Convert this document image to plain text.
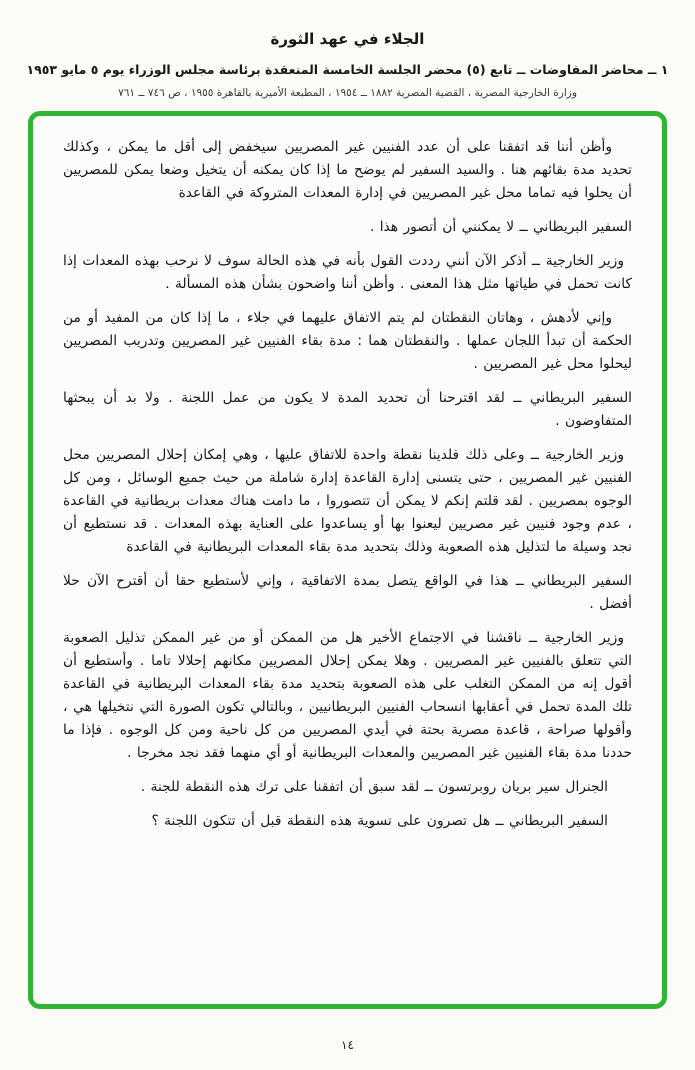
الجلاء في عهد الثورة
١ ــ محاضر المفاوضات ــ تابع (٥) محضر الجلسة الخامسة المنعقدة برئاسة مجلس الوزراء يوم ٥ مايو ١٩٥٣
وزارة الخارجية المصرية ، القضية المصرية ١٨٨٢ ــ ١٩٥٤ ، المطبعة الأميرية بالقاهرة ١٩٥٥ ، ص ٧٤٦ ــ ٧٦١

وأظن أننا قد اتفقنا على أن عدد الفنيين غير المصريين سيخفض إلى أقل ما يمكن ، وكذلك تحديد مدة بقائهم هنا . والسيد السفير لم يوضح ما إذا كان يمكنه أن يتخيل وضعا يمكن للمصريين أن يحلوا فيه تماما محل غير المصريين في إدارة المعدات المتروكة في القاعدة

السفير البريطاني ــ لا يمكنني أن أتصور هذا .

وزير الخارجية ــ أذكر الآن أنني رددت القول بأنه في هذه الحالة سوف لا نرحب بهذه المعدات إذا كانت تحمل في طياتها مثل هذا المعنى . وأظن أننا واضحون بشأن هذه المسألة .

وإني لأدهش ، وهاتان النقطتان لم يتم الاتفاق عليهما في جلاء ، ما إذا كان من المفيد أو من الحكمة أن تبدأ اللجان عملها . والنقطتان هما : مدة بقاء الفنيين غير المصريين وتدريب المصريين ليحلوا محل غير المصريين .

السفير البريطاني ــ لقد اقترحنا أن تحديد المدة لا يكون من عمل اللجنة . ولا بد أن يبحثها المتفاوضون .

وزير الخارجية ــ وعلى ذلك فلدينا نقطة واحدة للاتفاق عليها ، وهي إمكان إحلال المصريين محل الفنيين غير المصريين ، حتى يتسنى إدارة القاعدة إدارة شاملة من حيث جميع الوسائل ، ومن كل الوجوه بمصريين . لقد قلتم إنكم لا يمكن أن تتصوروا ، ما دامت هناك معدات بريطانية في القاعدة ، عدم وجود فنيين غير مصريين ليعنوا بها أو يساعدوا على العناية بهذه المعدات . قد نستطيع أن نجد وسيلة ما لتذليل هذه الصعوبة وذلك بتحديد مدة بقاء المعدات البريطانية في القاعدة

السفير البريطاني ــ هذا في الواقع يتصل بمدة الاتفاقية ، وإني لأستطيع حقا أن أقترح الآن حلا أفضل .

وزير الخارجية ــ ناقشنا في الاجتماع الأخير هل من الممكن أو من غير الممكن تذليل الصعوبة التي تتعلق بالفنيين غير المصريين . وهلا يمكن إحلال المصريين مكانهم إحلالا تاما . وأستطيع أن أقول إنه من الممكن التغلب على هذه الصعوبة بتحديد مدة بقاء المعدات البريطانية في القاعدة تلك المدة تحمل في أعقابها انسحاب الفنيين البريطانيين ، وبالتالي تكون الصورة التي نتخيلها هي ، وأقولها صراحة ، قاعدة مصرية بحتة في أيدي المصريين من كل ناحية ومن كل الوجوه . فإذا ما حددنا مدة بقاء الفنيين غير المصريين والمعدات البريطانية أو أي منهما فقد نجد مخرجا .

الجنرال سير بريان روبرتسون ــ لقد سبق أن اتفقنا على ترك هذه النقطة للجنة .

السفير البريطاني ــ هل تصرون على تسوية هذه النقطة قبل أن تتكون اللجنة ؟

١٤
